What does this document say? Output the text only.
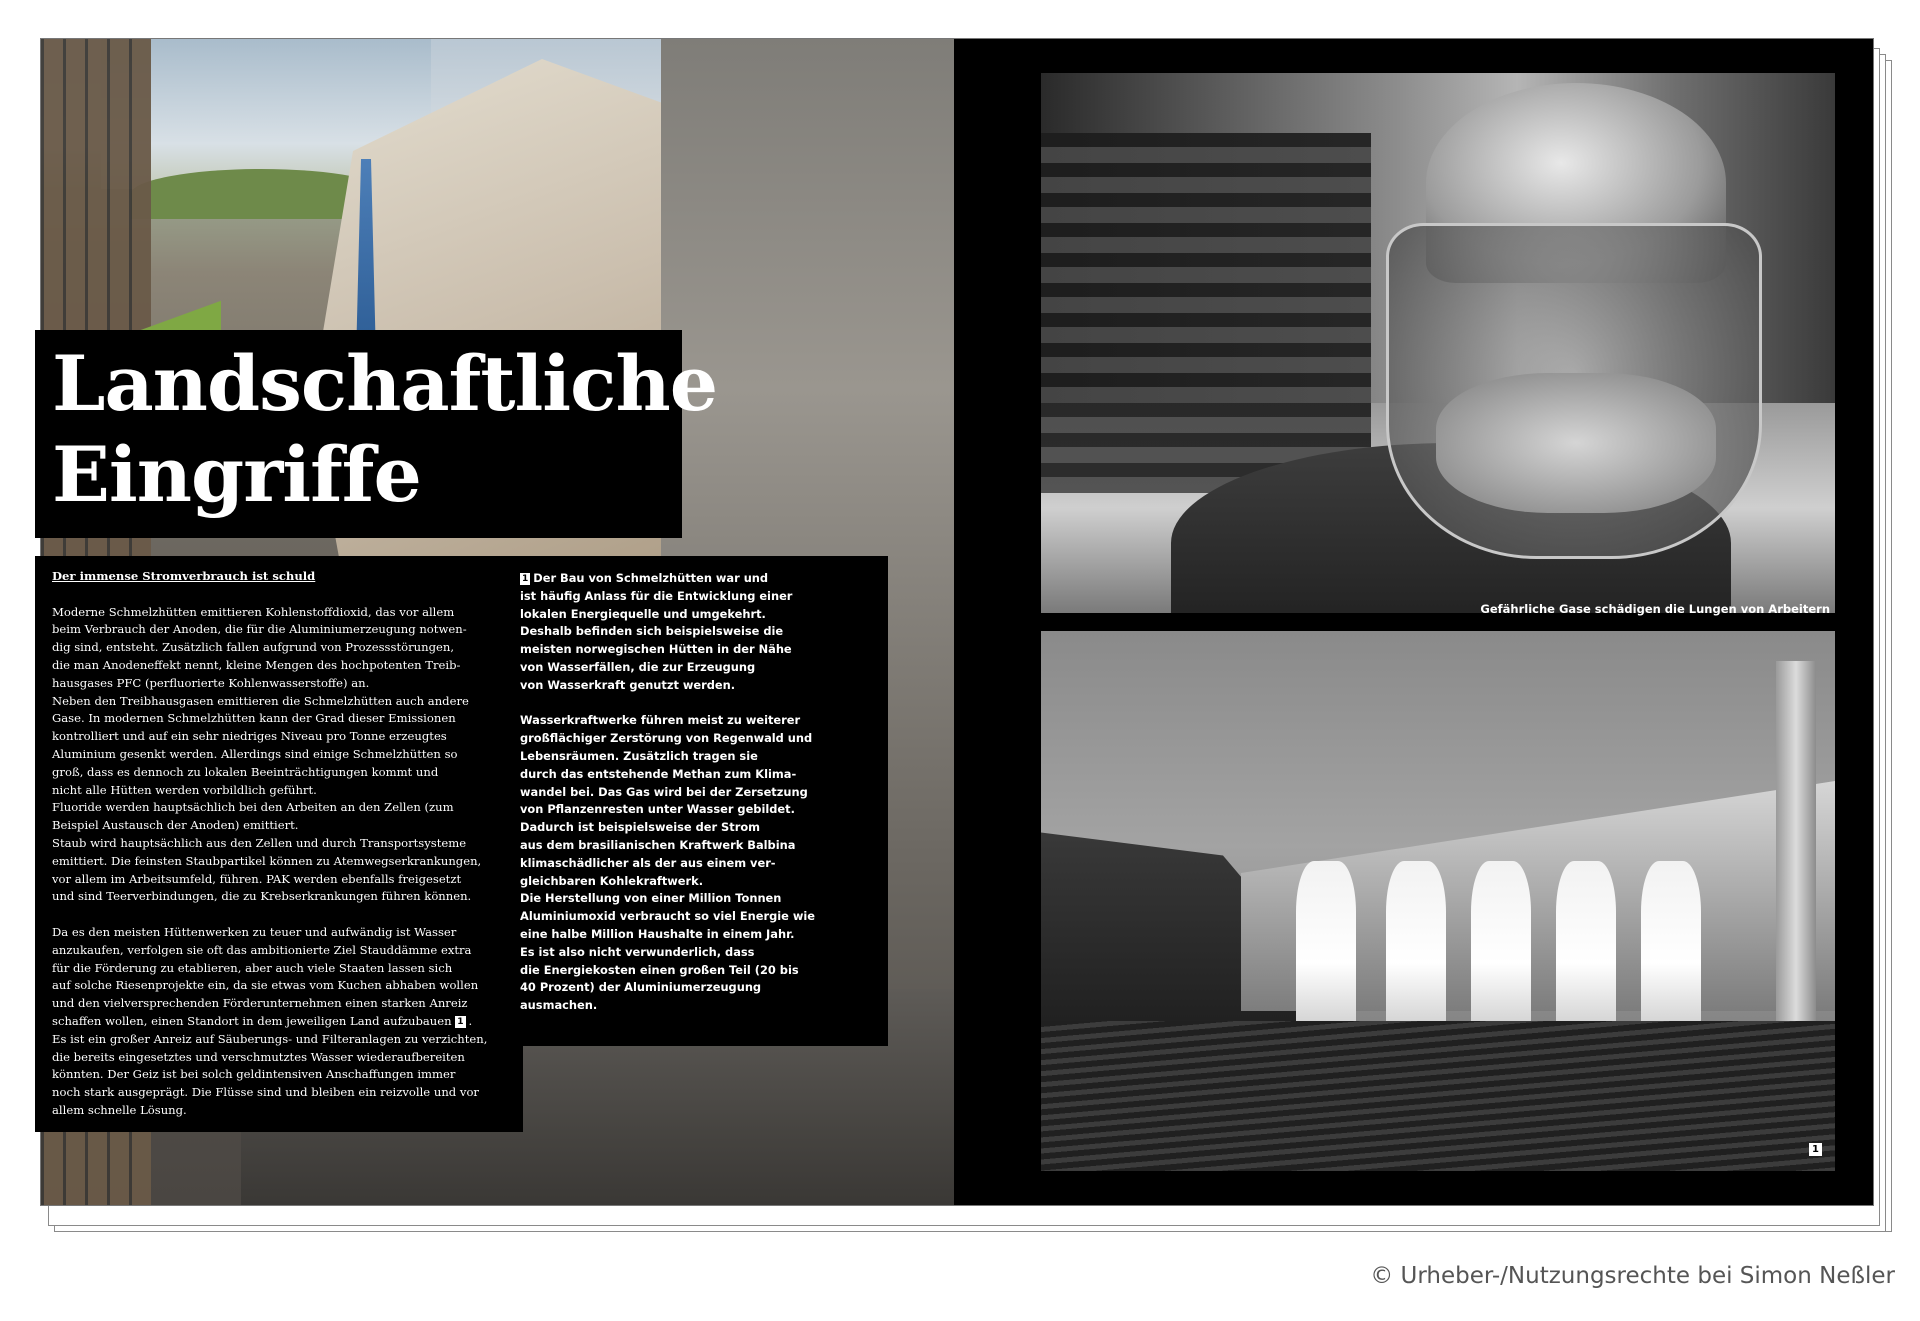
Landschaftliche
Eingriffe
Der immense Stromverbrauch ist schuld

Moderne Schmelzhütten emittieren Kohlenstoffdioxid, das vor allem
beim Verbrauch der Anoden, die für die Aluminiumerzeugung notwen-
dig sind, entsteht. Zusätzlich fallen aufgrund von Prozessstörungen,
die man Anodeneffekt nennt, kleine Mengen des hochpotenten Treib-
hausgases PFC (perfluorierte Kohlenwasserstoffe) an.
Neben den Treibhausgasen emittieren die Schmelzhütten auch andere
Gase. In modernen Schmelzhütten kann der Grad dieser Emissionen
kontrolliert und auf ein sehr niedriges Niveau pro Tonne erzeugtes
Aluminium gesenkt werden. Allerdings sind einige Schmelzhütten so
groß, dass es dennoch zu lokalen Beeinträchtigungen kommt und
nicht alle Hütten werden vorbildlich geführt.
Fluoride werden hauptsächlich bei den Arbeiten an den Zellen (zum
Beispiel Austausch der Anoden) emittiert.
Staub wird hauptsächlich aus den Zellen und durch Transportsysteme
emittiert. Die feinsten Staubpartikel können zu Atemwegserkrankungen,
vor allem im Arbeitsumfeld, führen. PAK werden ebenfalls freigesetzt
und sind Teerverbindungen, die zu Krebserkrankungen führen können.

Da es den meisten Hüttenwerken zu teuer und aufwändig ist Wasser
anzukaufen, verfolgen sie oft das ambitionierte Ziel Stauddämme extra
für die Förderung zu etablieren, aber auch viele Staaten lassen sich
auf solche Riesenprojekte ein, da sie etwas vom Kuchen abhaben wollen
und den vielversprechenden Förderunternehmen einen starken Anreiz
schaffen wollen, einen Standort in dem jeweiligen Land aufzubauen 1 .
Es ist ein großer Anreiz auf Säuberungs- und Filteranlagen zu verzichten,
die bereits eingesetztes und verschmutztes Wasser wiederaufbereiten
könnten. Der Geiz ist bei solch geldintensiven Anschaffungen immer
noch stark ausgeprägt. Die Flüsse sind und bleiben ein reizvolle und vor
allem schnelle Lösung.

1 Der Bau von Schmelzhütten war und
ist häufig Anlass für die Entwicklung einer
lokalen Energiequelle und umgekehrt.
Deshalb befinden sich beispielsweise die
meisten norwegischen Hütten in der Nähe
von Wasserfällen, die zur Erzeugung
von Wasserkraft genutzt werden.

Wasserkraftwerke führen meist zu weiterer
großflächiger Zerstörung von Regenwald und
Lebensräumen. Zusätzlich tragen sie
durch das entstehende Methan zum Klima-
wandel bei. Das Gas wird bei der Zersetzung
von Pflanzenresten unter Wasser gebildet.
Dadurch ist beispielsweise der Strom
aus dem brasilianischen Kraftwerk Balbina
klimaschädlicher als der aus einem ver-
gleichbaren Kohlekraftwerk.
Die Herstellung von einer Million Tonnen
Aluminiumoxid verbraucht so viel Energie wie
eine halbe Million Haushalte in einem Jahr.
Es ist also nicht verwunderlich, dass
die Energiekosten einen großen Teil (20 bis
40 Prozent) der Aluminiumerzeugung
ausmachen.

Gefährliche Gase schädigen die Lungen von Arbeitern
1
© Urheber-/Nutzungsrechte bei Simon Neßler
